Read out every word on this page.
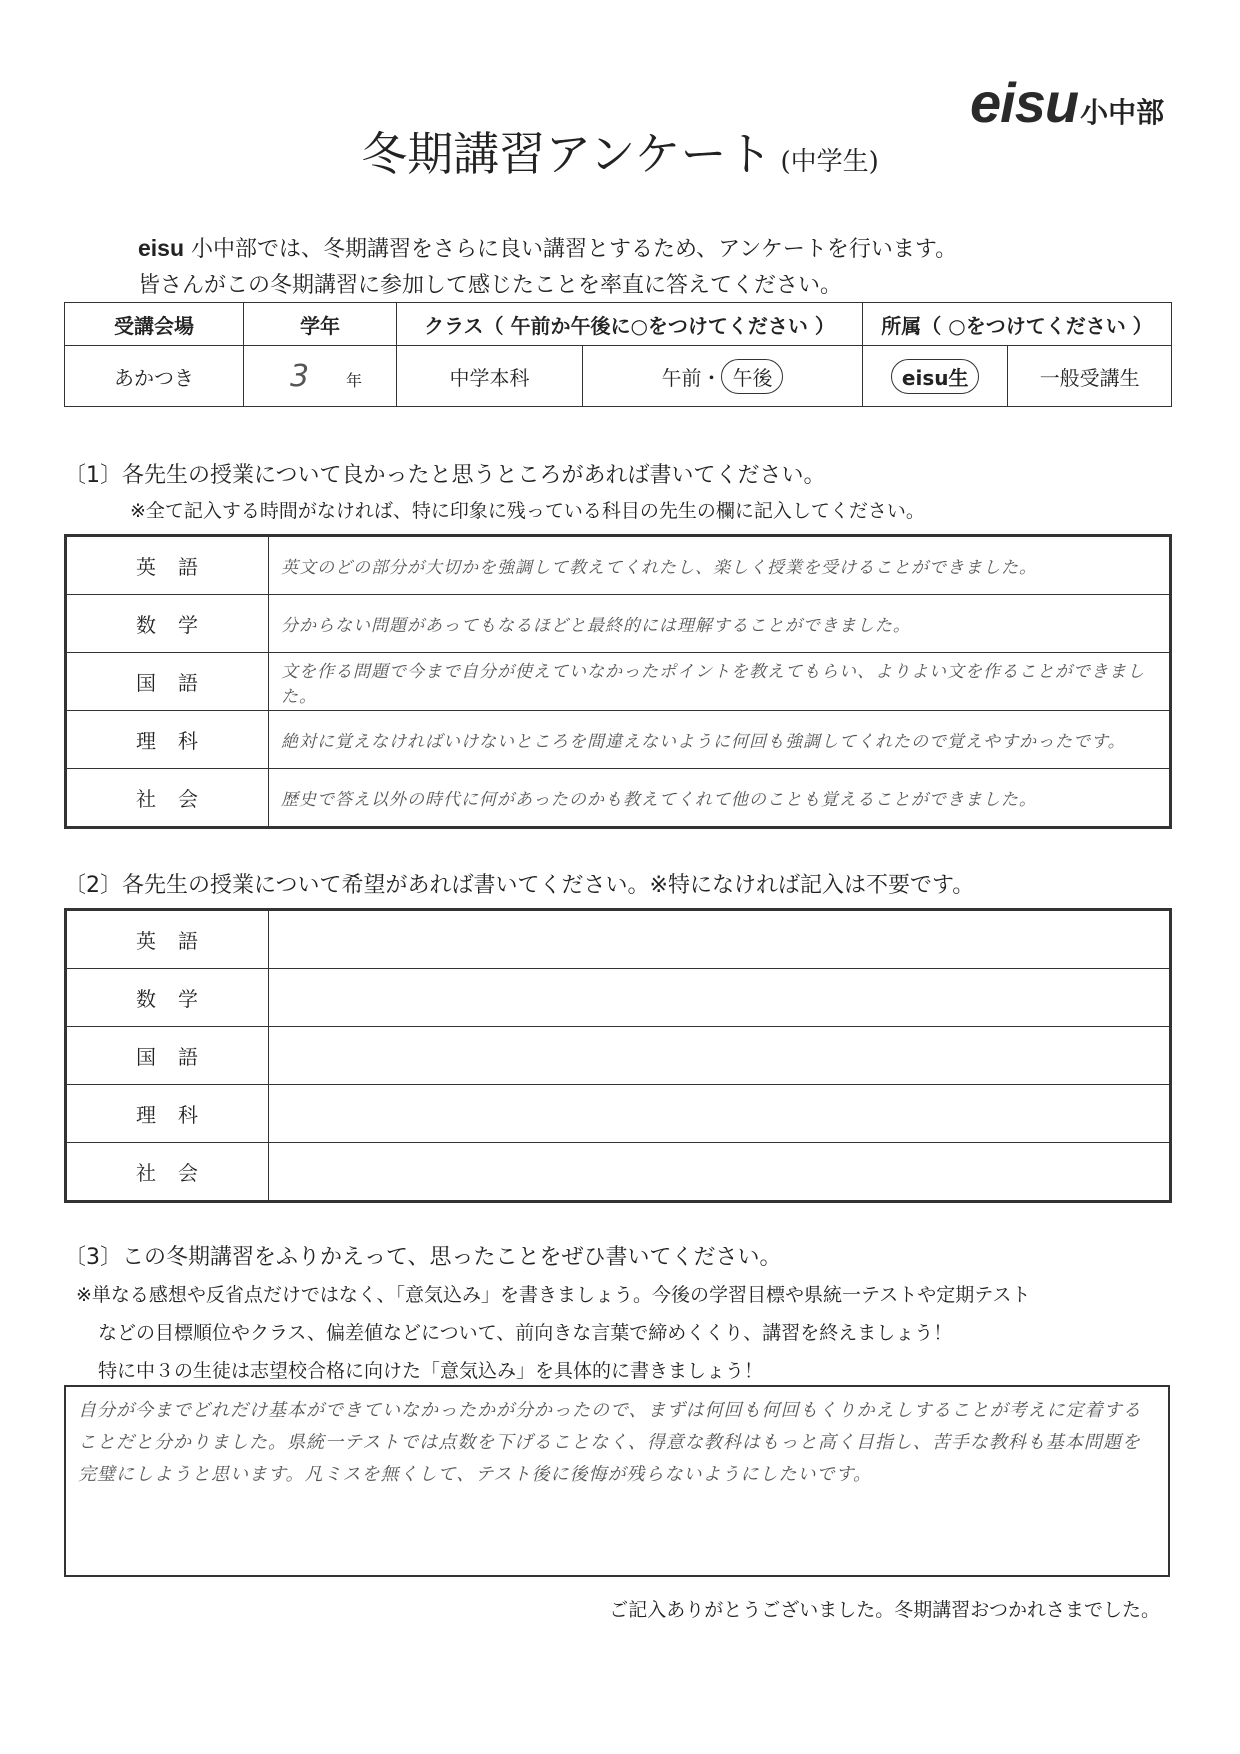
eisu小中部
冬期講習アンケート (中学生)
eisu 小中部では、冬期講習をさらに良い講習とするため、アンケートを行います。
皆さんがこの冬期講習に参加して感じたことを率直に答えてください。
受講会場	学年	クラス（ 午前か午後に○をつけてください ）		所属（ ○をつけてください ）	
あかつき	3 年	中学本科	午前・ 午後	eisu生	一般受講生
〔1〕各先生の授業について良かったと思うところがあれば書いてください。
※全て記入する時間がなければ、特に印象に残っている科目の先生の欄に記入してください。
英語	英文のどの部分が大切かを強調して教えてくれたし、楽しく授業を受けることができました。
数学	分からない問題があってもなるほどと最終的には理解することができました。
国語	文を作る問題で今まで自分が使えていなかったポイントを教えてもらい、よりよい文を作ることができました。
理科	絶対に覚えなければいけないところを間違えないように何回も強調してくれたので覚えやすかったです。
社会	歴史で答え以外の時代に何があったのかも教えてくれて他のことも覚えることができました。
〔2〕各先生の授業について希望があれば書いてください。※特になければ記入は不要です。
英語	
数学	
国語	
理科	
社会	
〔3〕この冬期講習をふりかえって、思ったことをぜひ書いてください。
※単なる感想や反省点だけではなく、「意気込み」を書きましょう。今後の学習目標や県統一テストや定期テスト
などの目標順位やクラス、偏差値などについて、前向きな言葉で締めくくり、講習を終えましょう！
特に中３の生徒は志望校合格に向けた「意気込み」を具体的に書きましょう！
自分が今までどれだけ基本ができていなかったかが分かったので、まずは何回も何回もくりかえしすることが考えに定着することだと分かりました。県統一テストでは点数を下げることなく、得意な教科はもっと高く目指し、苦手な教科も基本問題を完璧にしようと思います。凡ミスを無くして、テスト後に後悔が残らないようにしたいです。
ご記入ありがとうございました。冬期講習おつかれさまでした。
